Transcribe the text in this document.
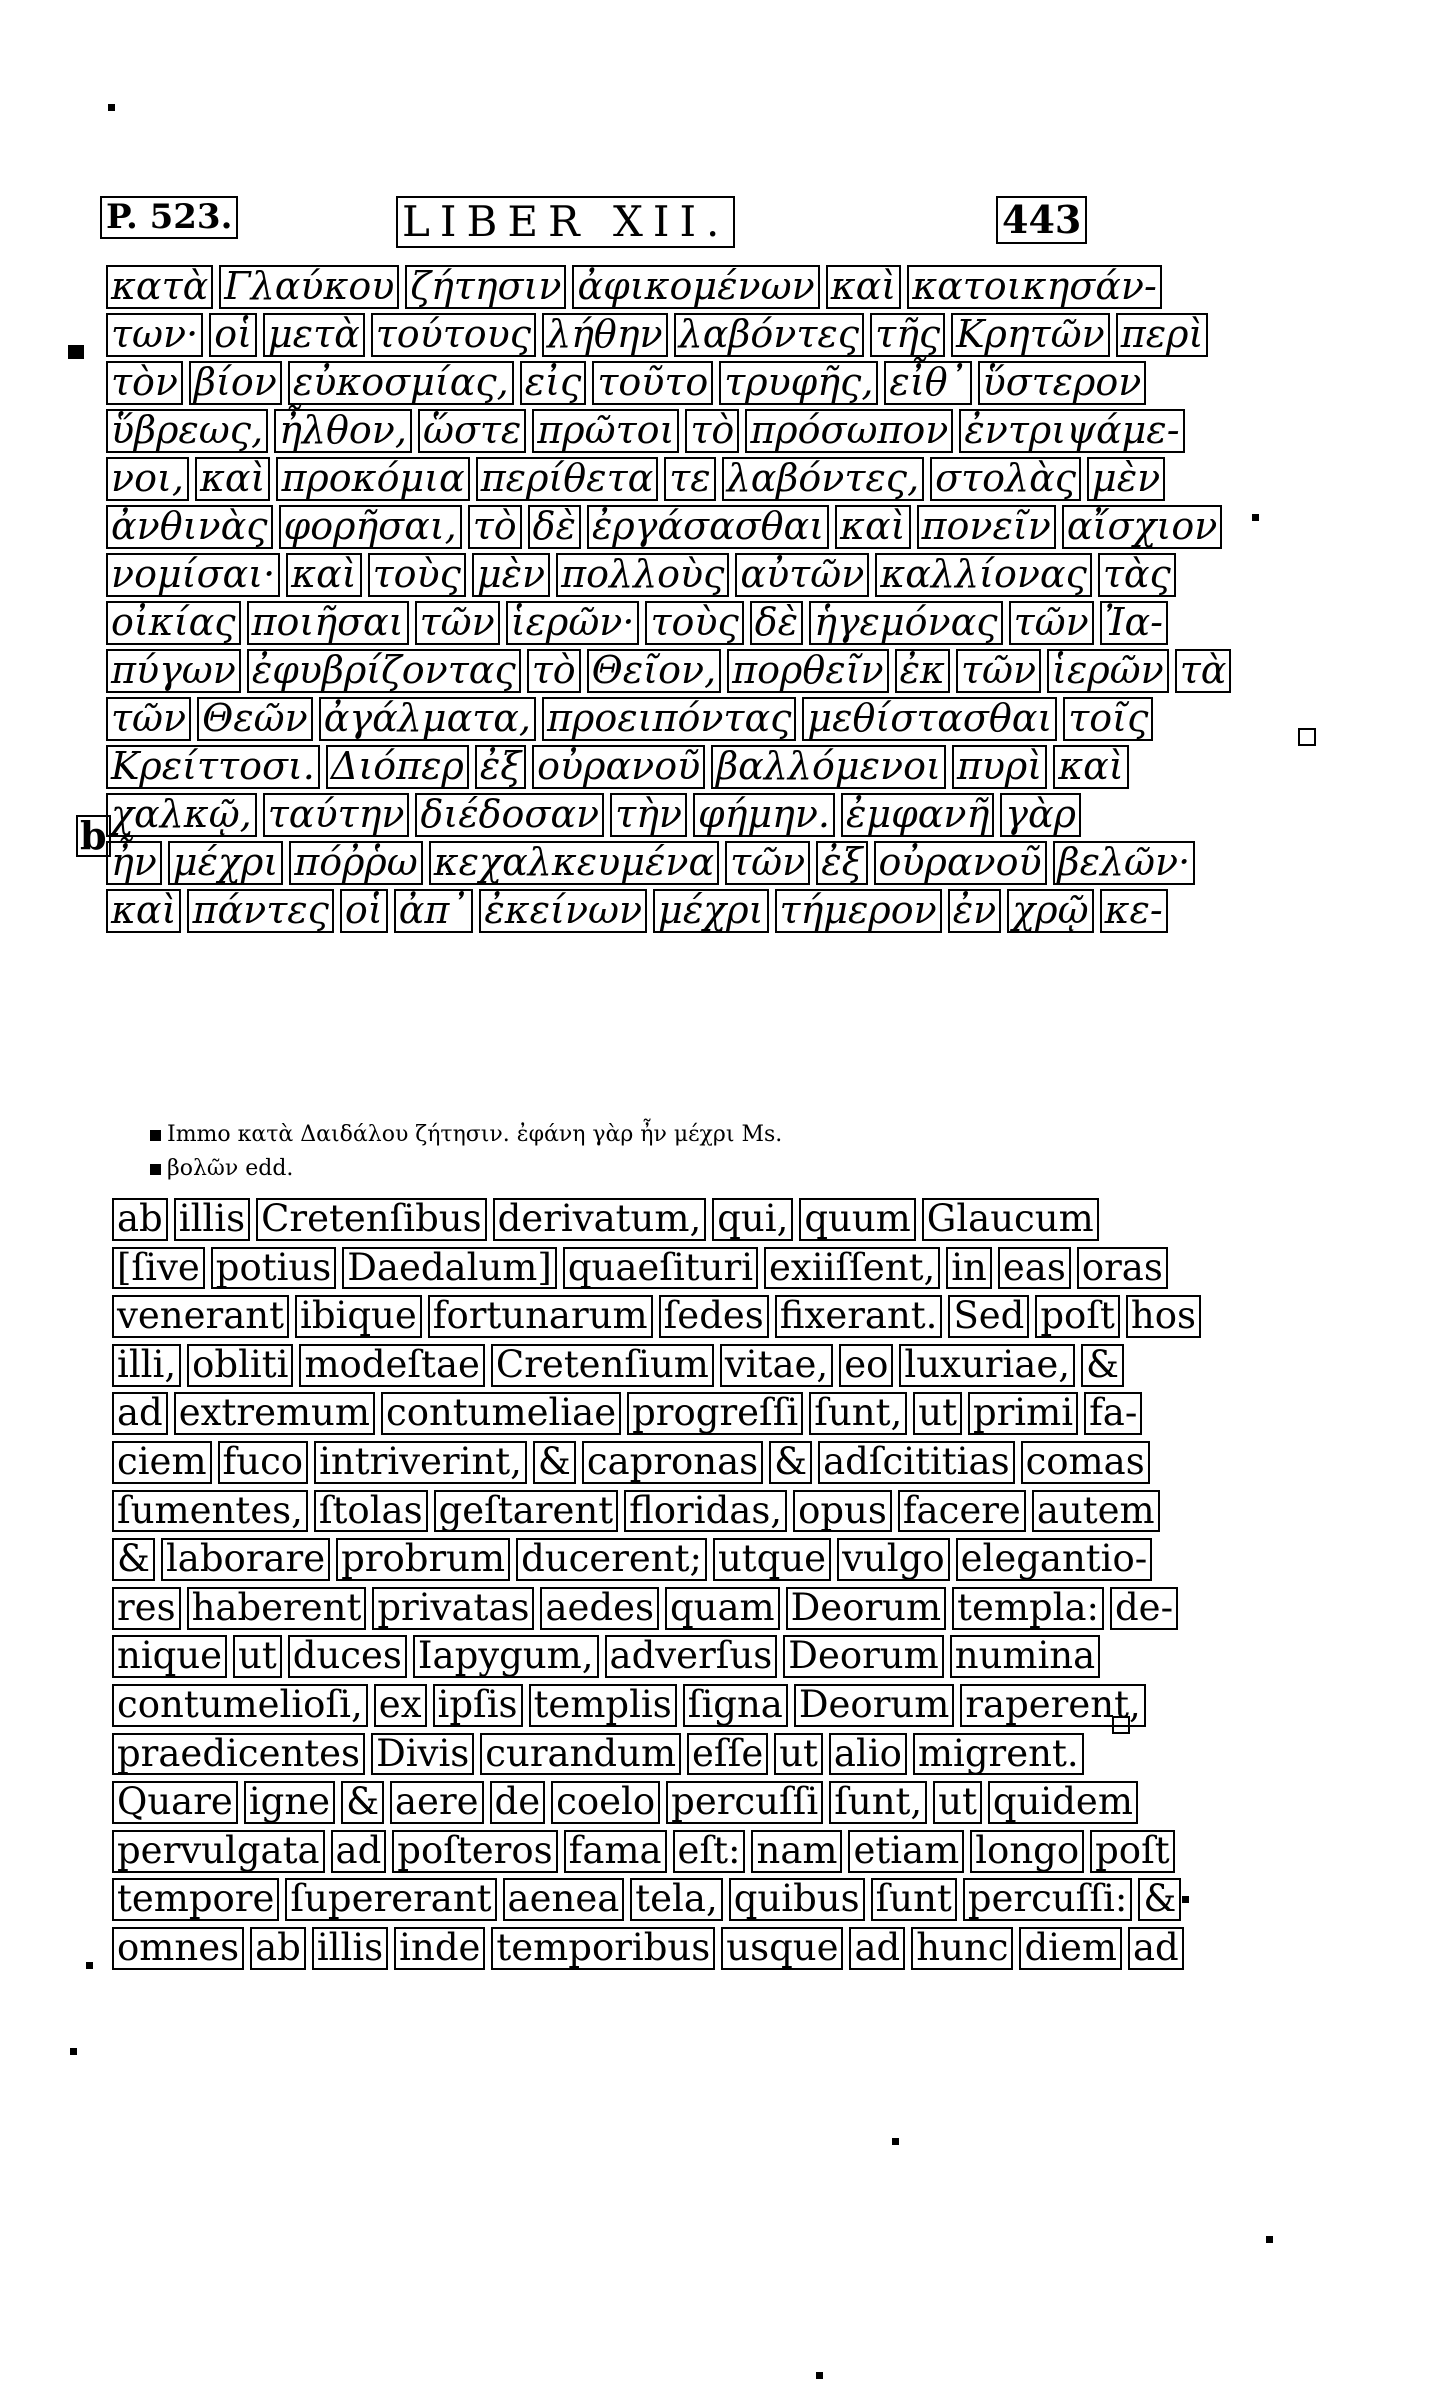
P. 523.	LIBER XII.	443
b
κατὰ Γλαύκου ζήτησιν ἀφικομένων καὶ κατοικησάν-
των· οἱ μετὰ τούτους λήθην λαβόντες τῆς Κρητῶν περὶ
τὸν βίον εὐκοσμίας, εἰς τοῦτο τρυφῆς, εἶθ᾽ ὕστερον
ὕβρεως, ἦλθον, ὥστε πρῶτοι τὸ πρόσωπον ἐντριψάμε-
νοι, καὶ προκόμια περίθετα τε λαβόντες, στολὰς μὲν
ἀνθινὰς φορῆσαι, τὸ δὲ ἐργάσασθαι καὶ πονεῖν αἴσχιον
νομίσαι· καὶ τοὺς μὲν πολλοὺς αὐτῶν καλλίονας τὰς
οἰκίας ποιῆσαι τῶν ἱερῶν· τοὺς δὲ ἡγεμόνας τῶν Ἰα-
πύγων ἐφυβρίζοντας τὸ Θεῖον, πορθεῖν ἐκ τῶν ἱερῶν τὰ
τῶν Θεῶν ἀγάλματα, προειπόντας μεθίστασθαι τοῖς
Κρείττοσι. Διόπερ ἐξ οὐρανοῦ βαλλόμενοι πυρὶ καὶ
χαλκῷ, ταύτην διέδοσαν τὴν φήμην. ἐμφανῆ γὰρ
ἦν μέχρι πόῤῥω κεχαλκευμένα τῶν ἐξ οὐρανοῦ βελῶν·
καὶ πάντες οἱ ἀπ᾽ ἐκείνων μέχρι τήμερον ἐν χρῷ κε-
Immo κατὰ Δαιδάλου ζήτησιν. ἐφάνη γὰρ ἦν μέχρι Ms.
βολῶν edd.
ab illis Cretenſibus derivatum, qui, quum Glaucum
[ſive potius Daedalum] quaeſituri exiiſſent, in eas oras
venerant ibique fortunarum ſedes fixerant. Sed poſt hos
illi, obliti modeſtae Cretenſium vitae, eo luxuriae, &
ad extremum contumeliae progreſſi ſunt, ut primi fa-
ciem fuco intriverint, & capronas & adſcititias comas
ſumentes, ſtolas geſtarent floridas, opus facere autem
& laborare probrum ducerent; utque vulgo elegantio-
res haberent privatas aedes quam Deorum templa: de-
nique ut duces Iapygum, adverſus Deorum numina
contumelioſi, ex ipſis templis ſigna Deorum raperent,
praedicentes Divis curandum eſſe ut alio migrent.
Quare igne & aere de coelo percuſſi ſunt, ut quidem
pervulgata ad poſteros fama eſt: nam etiam longo poſt
tempore ſupererant aenea tela, quibus ſunt percuſſi: &
omnes ab illis inde temporibus usque ad hunc diem ad
